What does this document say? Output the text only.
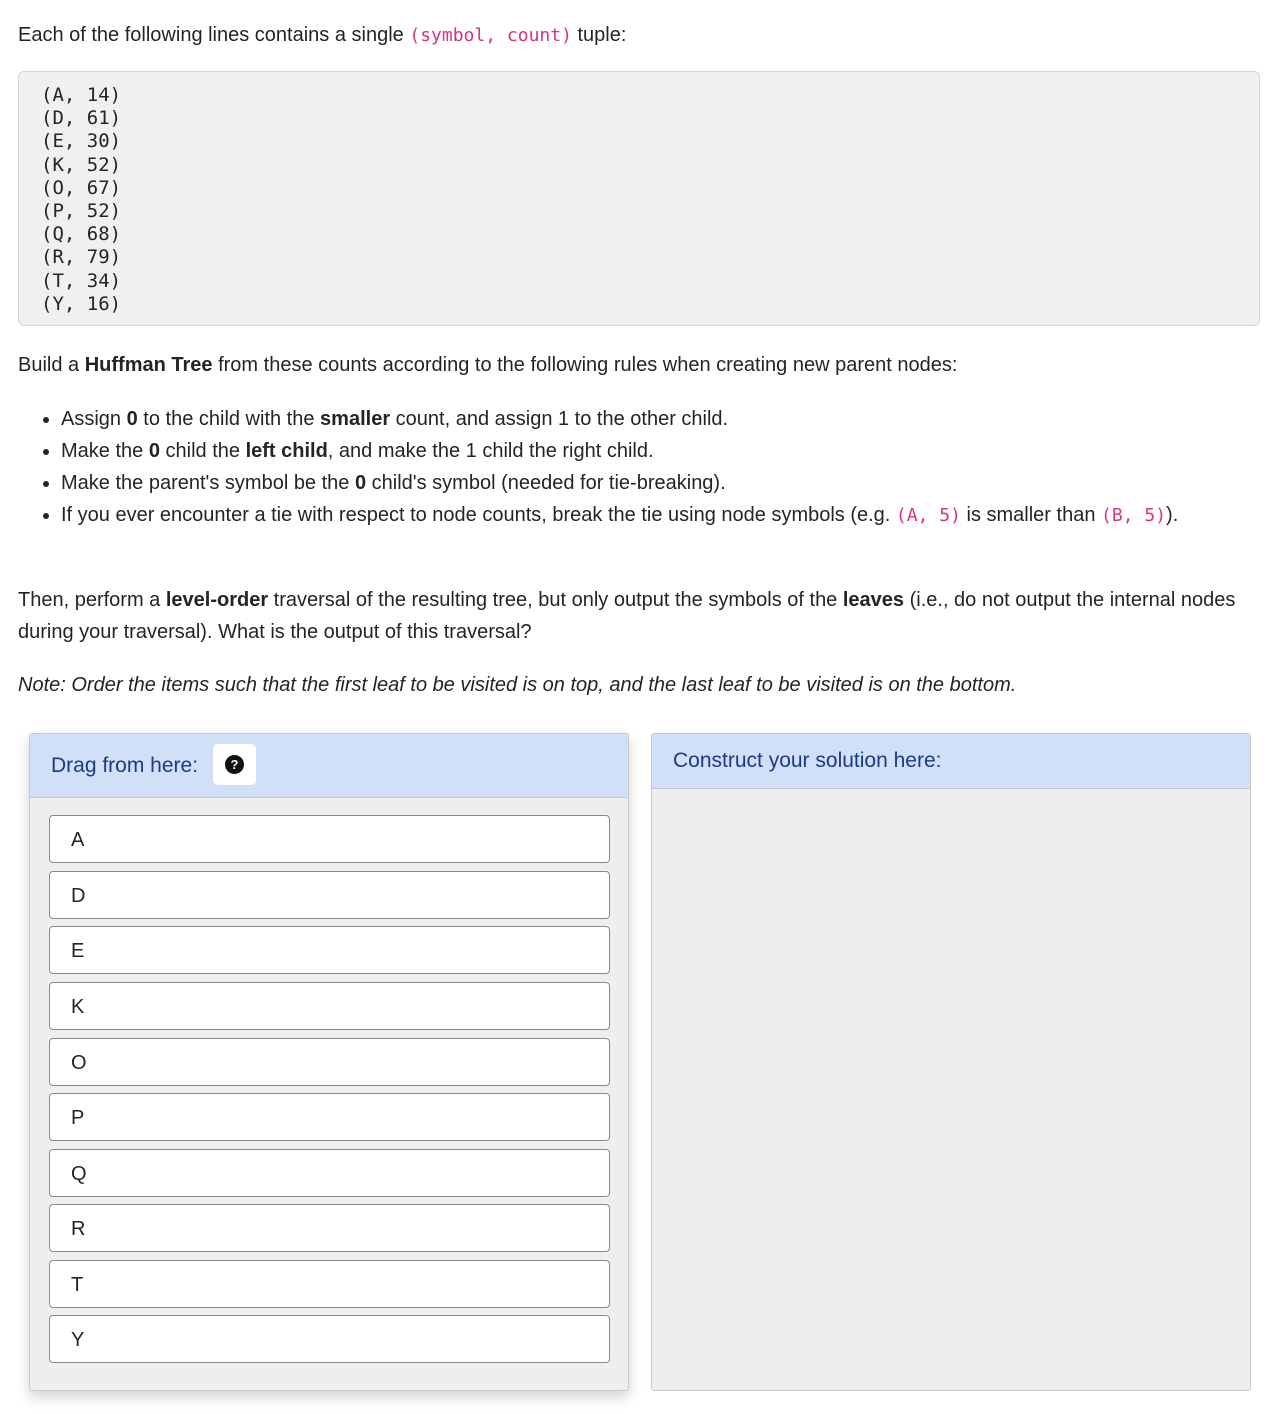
Each of the following lines contains a single (symbol, count) tuple:

(A, 14)
(D, 61)
(E, 30)
(K, 52)
(O, 67)
(P, 52)
(Q, 68)
(R, 79)
(T, 34)
(Y, 16)

Build a Huffman Tree from these counts according to the following rules when creating new parent nodes:

• Assign 0 to the child with the smaller count, and assign 1 to the other child.
• Make the 0 child the left child, and make the 1 child the right child.
• Make the parent's symbol be the 0 child's symbol (needed for tie-breaking).
• If you ever encounter a tie with respect to node counts, break the tie using node symbols (e.g. (A, 5) is smaller than (B, 5)).

Then, perform a level-order traversal of the resulting tree, but only output the symbols of the leaves (i.e., do not output the internal nodes during your traversal). What is the output of this traversal?

Note: Order the items such that the first leaf to be visited is on top, and the last leaf to be visited is on the bottom.

Drag from here:	?
A
D
E
K
O
P
Q
R
T
Y
Construct your solution here:
